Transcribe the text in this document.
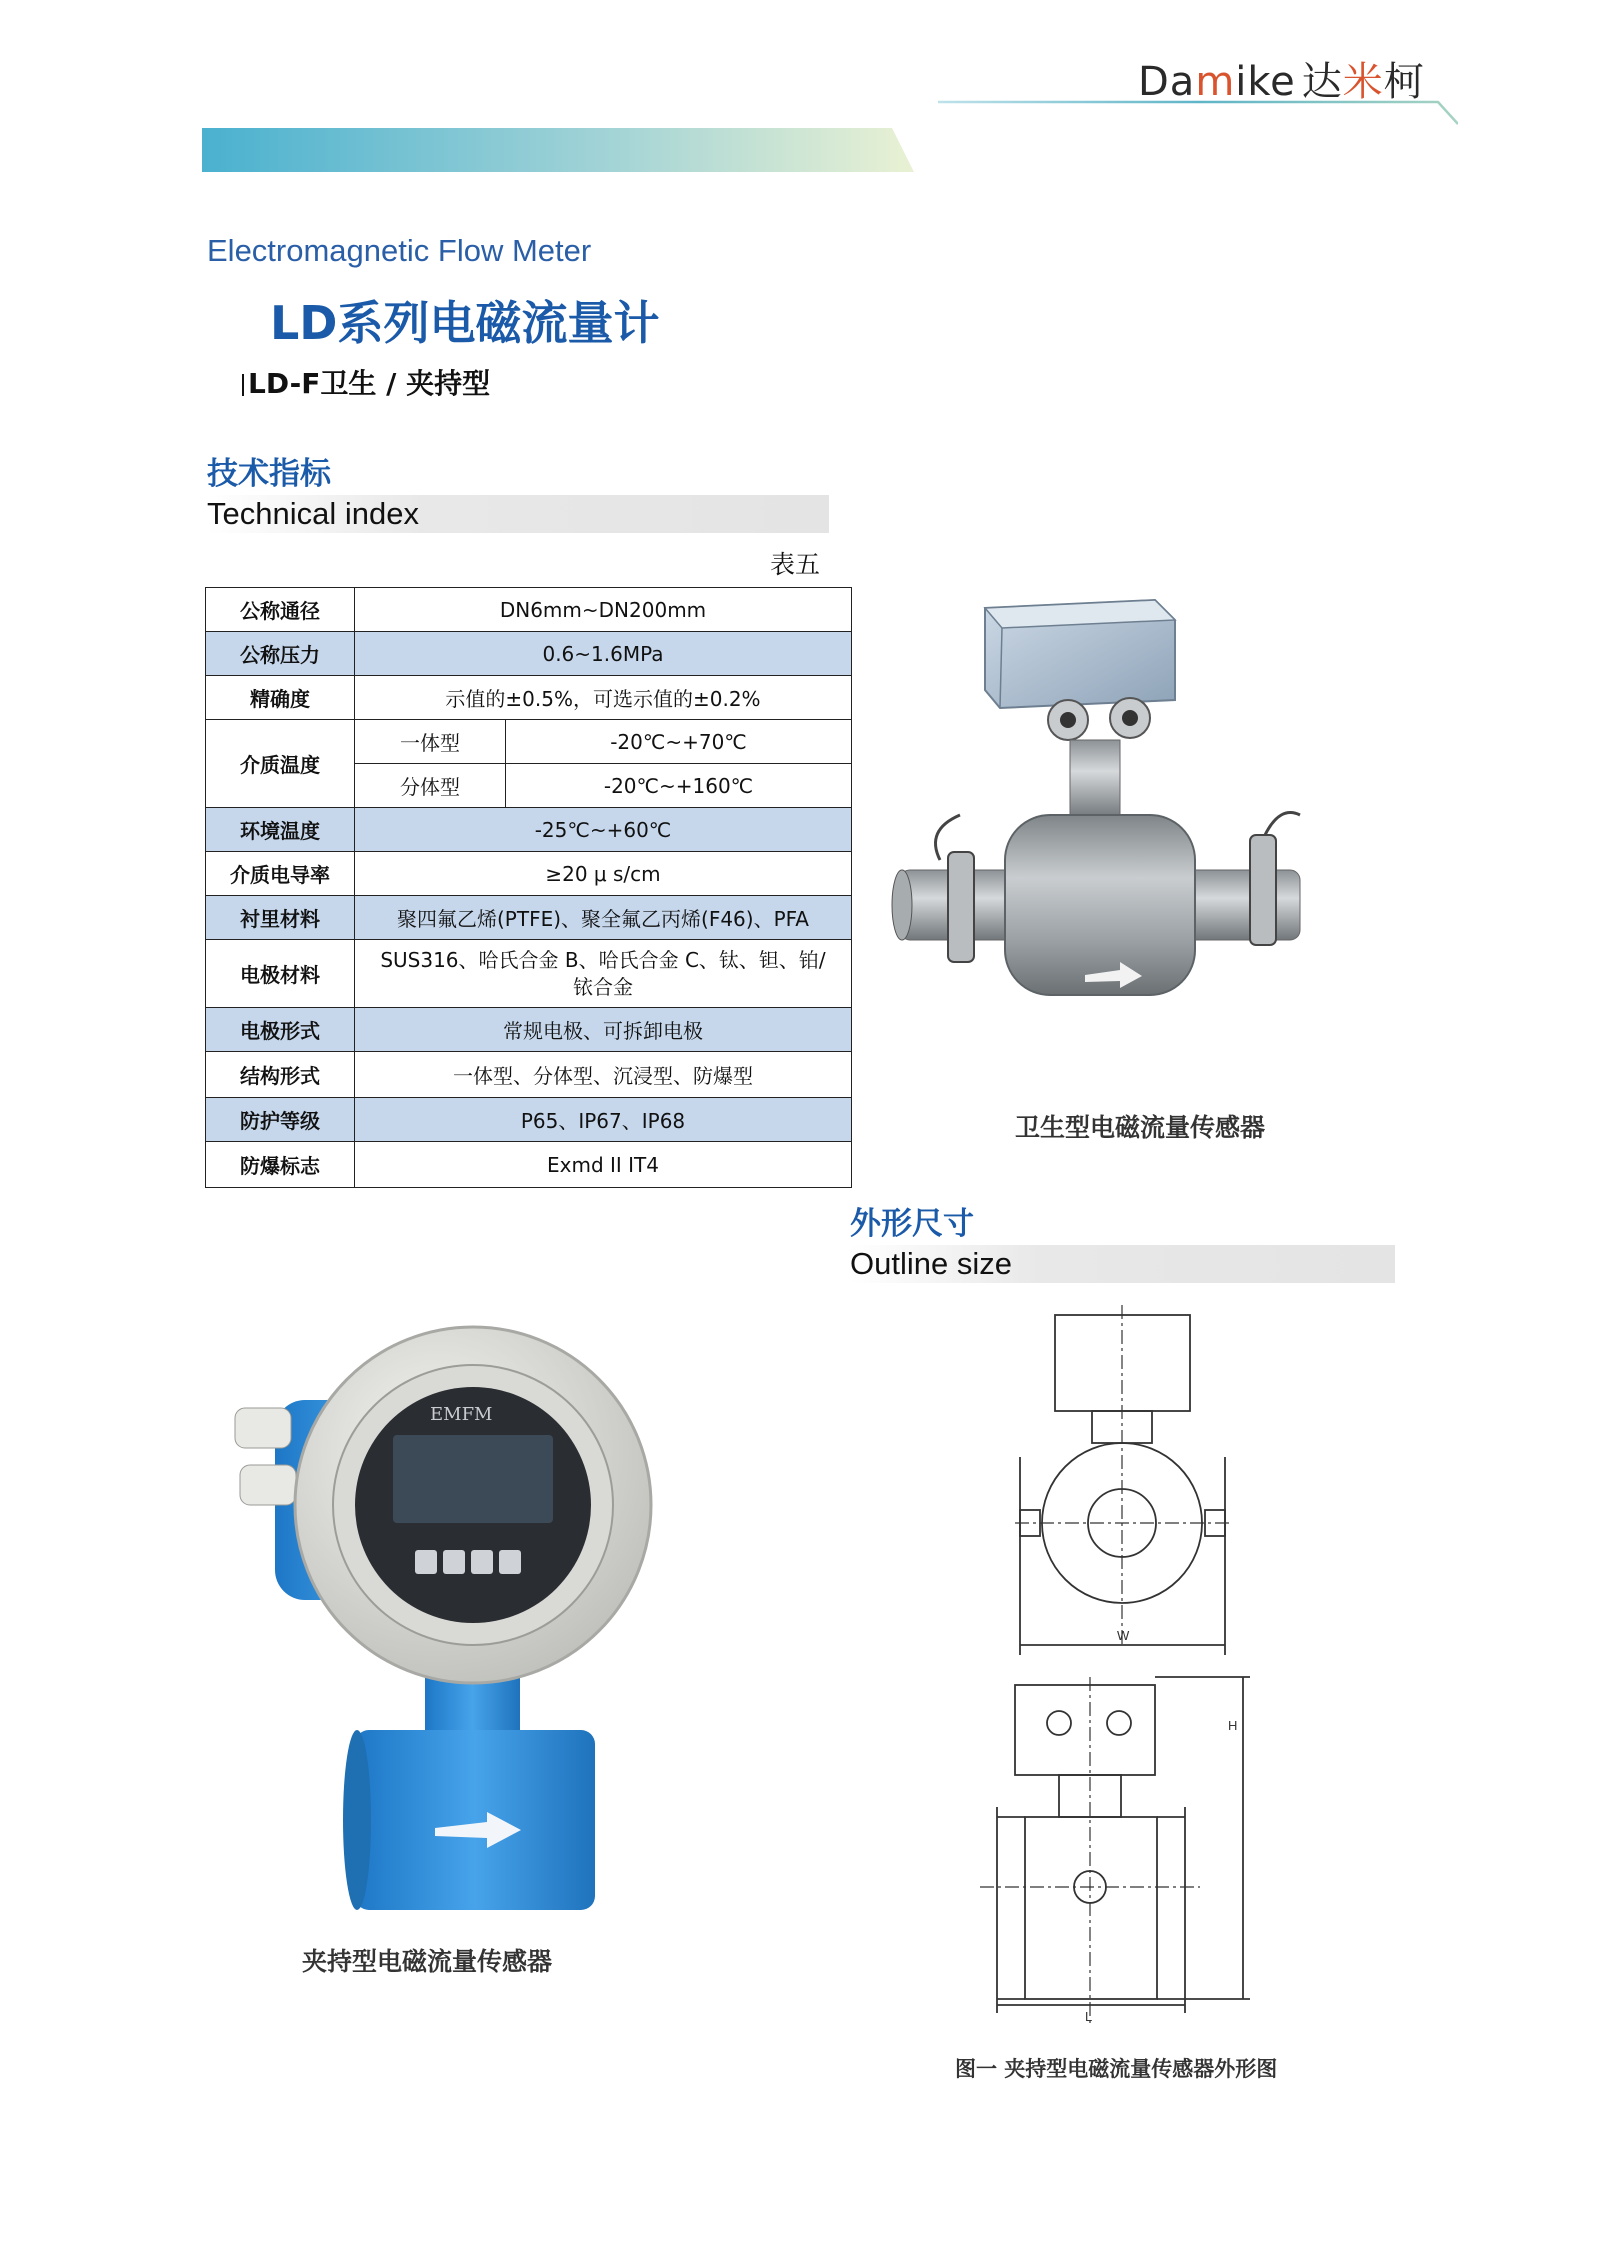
Damike 达米柯
Electromagnetic Flow Meter
LD系列电磁流量计
LD-F卫生 / 夹持型
技术指标
Technical index
表五
公称通径	DN6mm~DN200mm	
公称压力	0.6~1.6MPa	
精确度	示值的±0.5%，可选示值的±0.2%	
介质温度	一体型	-20℃~+70℃
	分体型	-20℃~+160℃
环境温度	-25℃~+60℃	
介质电导率	≥20 μ s/cm	
衬里材料	聚四氟乙烯(PTFE)、聚全氟乙丙烯(F46)、PFA	
电极材料	SUS316、哈氏合金 B、哈氏合金 C、钛、钽、铂/
铱合金	
电极形式	常规电极、可拆卸电极	
结构形式	一体型、分体型、沉浸型、防爆型	
防护等级	P65、IP67、IP68	
防爆标志	Exmd II IT4	
卫生型电磁流量传感器
外形尺寸
Outline size
EMFM
夹持型电磁流量传感器
W
H
L
图一 夹持型电磁流量传感器外形图
